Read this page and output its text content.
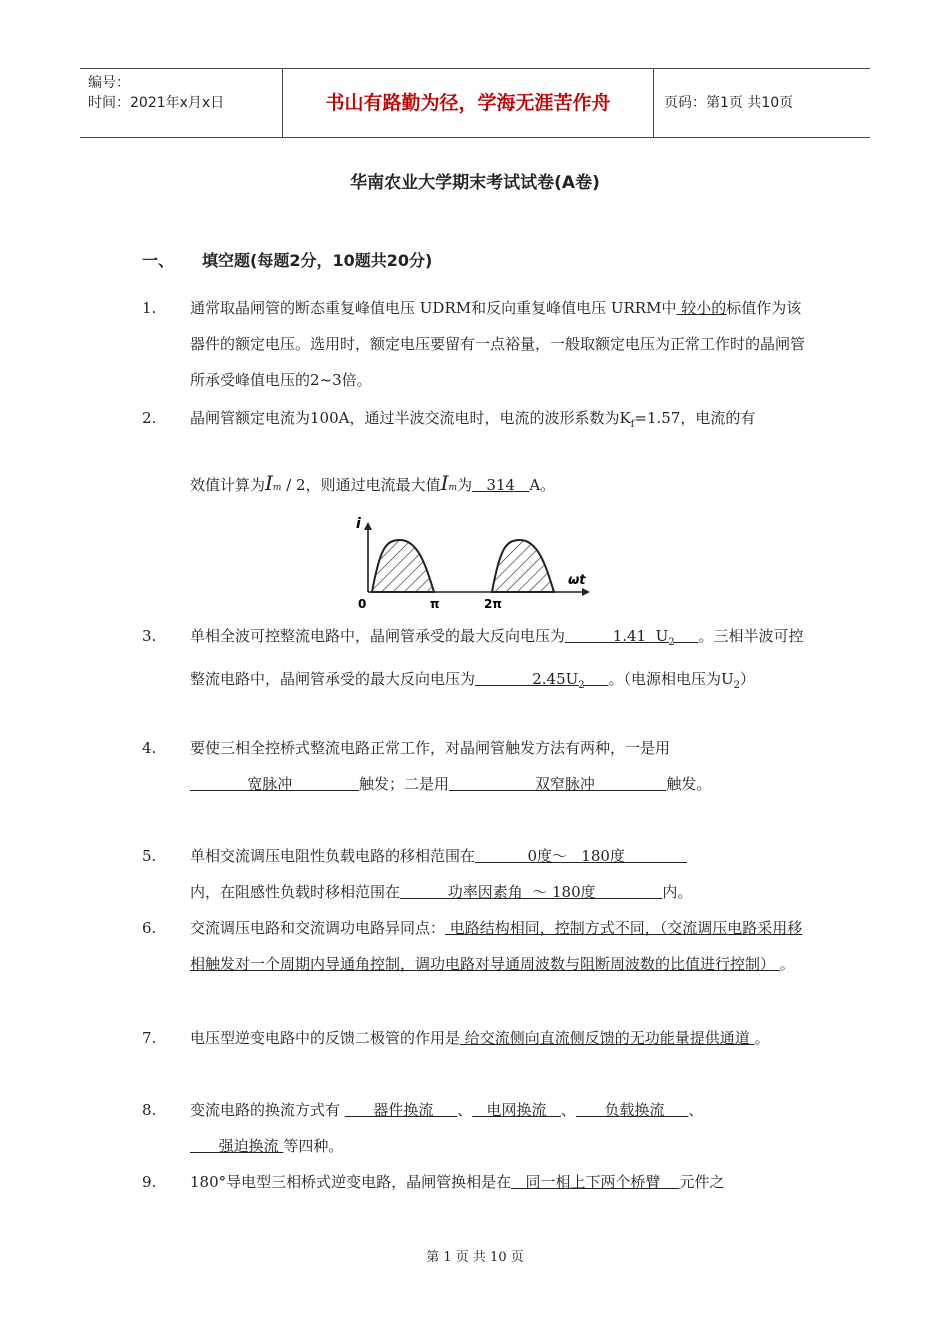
编号：
时间：2021年x月x日	书山有路勤为径，学海无涯苦作舟	页码：第1页 共10页
华南农业大学期末考试试卷(A卷)
一、 填空题(每题2分，10题共20分)
1.	通常取晶闸管的断态重复峰值电压 UDRM和反向重复峰值电压 URRM中 较小的标值作为该器件的额定电压。选用时，额定电压要留有一点裕量，一般取额定电压为正常工作时的晶闸管所承受峰值电压的2~3倍。
2.	晶闸管额定电流为100A，通过半波交流电时，电流的波形系数为$K_f=1.57$，电流的有
效值计算为Im / 2，则通过电流最大值Im为   314   A。
i
ωt
0	π	2π
3.	单相全波可控整流电路中，晶闸管承受的最大反向电压为          1.41  $U_2$ 。三相半波可控整流电路中，晶闸管承受的最大反向电压为            $2.45U_2$ 。（电源相电压为$U_2$）
4.	要使三相全控桥式整流电路正常工作，对晶闸管触发方法有两种，一是用            宽脉冲              触发；二是用                  双窄脉冲               触发。
5.	单相交流调压电阻性负载电路的移相范围在           0度～   180度
内，在阻感性负载时移相范围在          功率因素角  ～ 180度              内。
6.	交流调压电路和交流调功电路异同点： 电路结构相同，控制方式不同，（交流调压电路采用移相触发对一个周期内导通角控制，调功电路对导通周波数与阻断周波数的比值进行控制） 。
7.	电压型逆变电路中的反馈二极管的作用是 给交流侧向直流侧反馈的无功能量提供通道 。
8.	变流电路的换流方式有       器件换流     、   电网换流   、      负载换流     、
强迫换流 等四种。
9.	180°导电型三相桥式逆变电路，晶闸管换相是在   同一相上下两个桥臂    元件之
第 1 页 共 10 页
